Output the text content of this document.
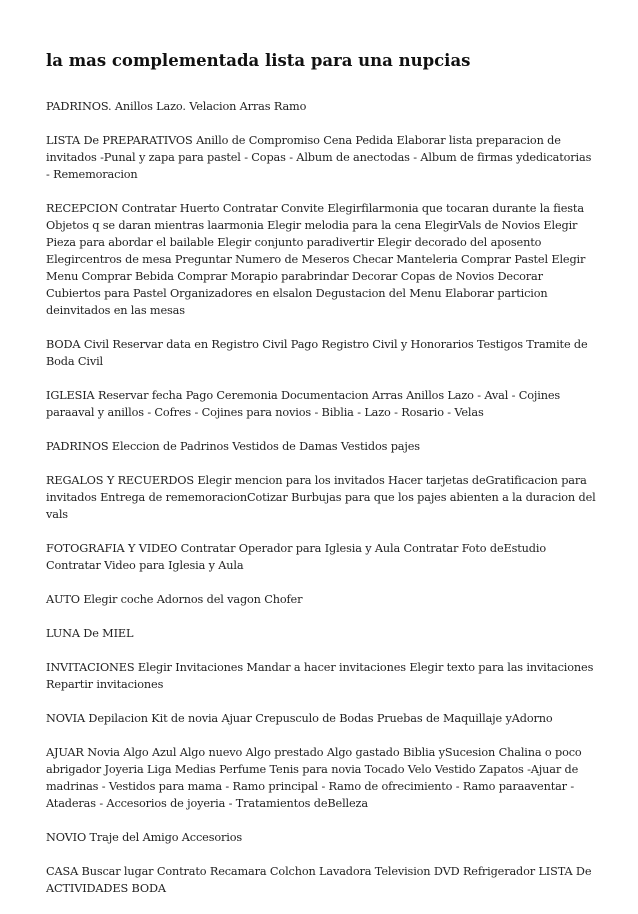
la mas complementada lista para una nupcias

PADRINOS. Anillos Lazo. Velacion Arras Ramo

LISTA De PREPARATIVOS Anillo de Compromiso Cena Pedida Elaborar lista preparacion de invitados -Punal y zapa para pastel - Copas - Album de anectodas - Album de firmas ydedicatorias - Rememoracion

RECEPCION Contratar Huerto Contratar Convite Elegirfilarmonia que tocaran durante la fiesta Objetos q se daran mientras laarmonia Elegir melodia para la cena ElegirVals de Novios Elegir Pieza para abordar el bailable Elegir conjunto paradivertir Elegir decorado del aposento Elegircentros de mesa Preguntar Numero de Meseros Checar Manteleria Comprar Pastel Elegir Menu Comprar Bebida Comprar Morapio parabrindar Decorar Copas de Novios Decorar Cubiertos para Pastel Organizadores en elsalon Degustacion del Menu Elaborar particion deinvitados en las mesas

BODA Civil Reservar data en Registro Civil Pago Registro Civil y Honorarios Testigos Tramite de Boda Civil

IGLESIA Reservar fecha Pago Ceremonia Documentacion Arras Anillos Lazo - Aval - Cojines paraaval y anillos - Cofres - Cojines para novios - Biblia - Lazo - Rosario - Velas

PADRINOS Eleccion de Padrinos Vestidos de Damas Vestidos pajes

REGALOS Y RECUERDOS Elegir mencion para los invitados Hacer tarjetas deGratificacion para invitados Entrega de rememoracionCotizar Burbujas para que los pajes abienten a la duracion del vals

FOTOGRAFIA Y VIDEO Contratar Operador para Iglesia y Aula Contratar Foto deEstudio Contratar Video para Iglesia y Aula

AUTO Elegir coche Adornos del vagon Chofer

LUNA De MIEL

INVITACIONES Elegir Invitaciones Mandar a hacer invitaciones Elegir texto para las invitaciones Repartir invitaciones

NOVIA Depilacion Kit de novia Ajuar Crepusculo de Bodas Pruebas de Maquillaje yAdorno

AJUAR Novia Algo Azul Algo nuevo Algo prestado Algo gastado Biblia ySucesion Chalina o poco abrigador Joyeria Liga Medias Perfume Tenis para novia Tocado Velo Vestido Zapatos -Ajuar de madrinas - Vestidos para mama - Ramo principal - Ramo de ofrecimiento - Ramo paraaventar - Ataderas - Accesorios de joyeria - Tratamientos deBelleza

NOVIO Traje del Amigo Accesorios

CASA Buscar lugar Contrato Recamara Colchon Lavadora Television DVD Refrigerador LISTA De ACTIVIDADES BODA
